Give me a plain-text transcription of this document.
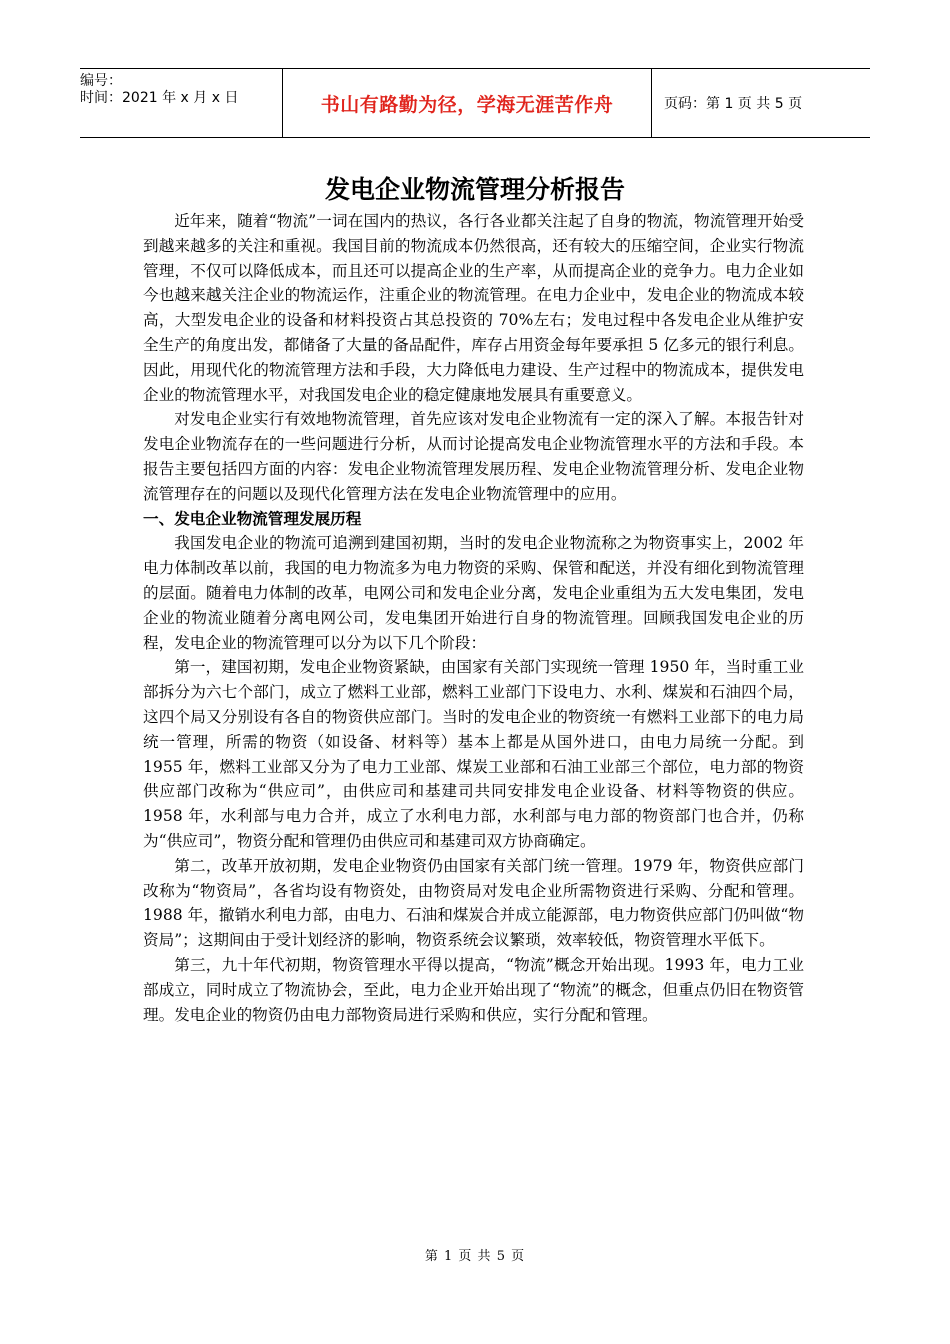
编号：
时间：2021 年 x 月 x 日	书山有路勤为径，学海无涯苦作舟	页码：第 1 页 共 5 页
发电企业物流管理分析报告

近年来，随着“物流”一词在国内的热议，各行各业都关注起了自身的物流，物流管理开始受到越来越多的关注和重视。我国目前的物流成本仍然很高，还有较大的压缩空间，企业实行物流管理，不仅可以降低成本，而且还可以提高企业的生产率，从而提高企业的竞争力。电力企业如今也越来越关注企业的物流运作，注重企业的物流管理。在电力企业中，发电企业的物流成本较高，大型发电企业的设备和材料投资占其总投资的 70%左右；发电过程中各发电企业从维护安全生产的角度出发，都储备了大量的备品配件，库存占用资金每年要承担 5 亿多元的银行利息。因此，用现代化的物流管理方法和手段，大力降低电力建设、生产过程中的物流成本，提供发电企业的物流管理水平，对我国发电企业的稳定健康地发展具有重要意义。

对发电企业实行有效地物流管理，首先应该对发电企业物流有一定的深入了解。本报告针对发电企业物流存在的一些问题进行分析，从而讨论提高发电企业物流管理水平的方法和手段。本报告主要包括四方面的内容：发电企业物流管理发展历程、发电企业物流管理分析、发电企业物流管理存在的问题以及现代化管理方法在发电企业物流管理中的应用。

一、发电企业物流管理发展历程

我国发电企业的物流可追溯到建国初期，当时的发电企业物流称之为物资事实上，2002 年电力体制改革以前，我国的电力物流多为电力物资的采购、保管和配送，并没有细化到物流管理的层面。随着电力体制的改革，电网公司和发电企业分离，发电企业重组为五大发电集团，发电企业的物流业随着分离电网公司，发电集团开始进行自身的物流管理。回顾我国发电企业的历程，发电企业的物流管理可以分为以下几个阶段：

第一，建国初期，发电企业物资紧缺，由国家有关部门实现统一管理 1950 年，当时重工业部拆分为六七个部门，成立了燃料工业部，燃料工业部门下设电力、水利、煤炭和石油四个局，这四个局又分别设有各自的物资供应部门。当时的发电企业的物资统一有燃料工业部下的电力局统一管理，所需的物资（如设备、材料等）基本上都是从国外进口，由电力局统一分配。到 1955 年，燃料工业部又分为了电力工业部、煤炭工业部和石油工业部三个部位，电力部的物资供应部门改称为“供应司”，由供应司和基建司共同安排发电企业设备、材料等物资的供应。1958 年，水利部与电力合并，成立了水利电力部，水利部与电力部的物资部门也合并，仍称为“供应司”，物资分配和管理仍由供应司和基建司双方协商确定。

第二，改革开放初期，发电企业物资仍由国家有关部门统一管理。1979 年，物资供应部门改称为“物资局”，各省均设有物资处，由物资局对发电企业所需物资进行采购、分配和管理。1988 年，撤销水利电力部，由电力、石油和煤炭合并成立能源部，电力物资供应部门仍叫做“物资局”；这期间由于受计划经济的影响，物资系统会议繁琐，效率较低，物资管理水平低下。

第三，九十年代初期，物资管理水平得以提高，“物流”概念开始出现。1993 年，电力工业部成立，同时成立了物流协会，至此，电力企业开始出现了“物流”的概念，但重点仍旧在物资管理。发电企业的物资仍由电力部物资局进行采购和供应，实行分配和管理。

第 1 页 共 5 页
